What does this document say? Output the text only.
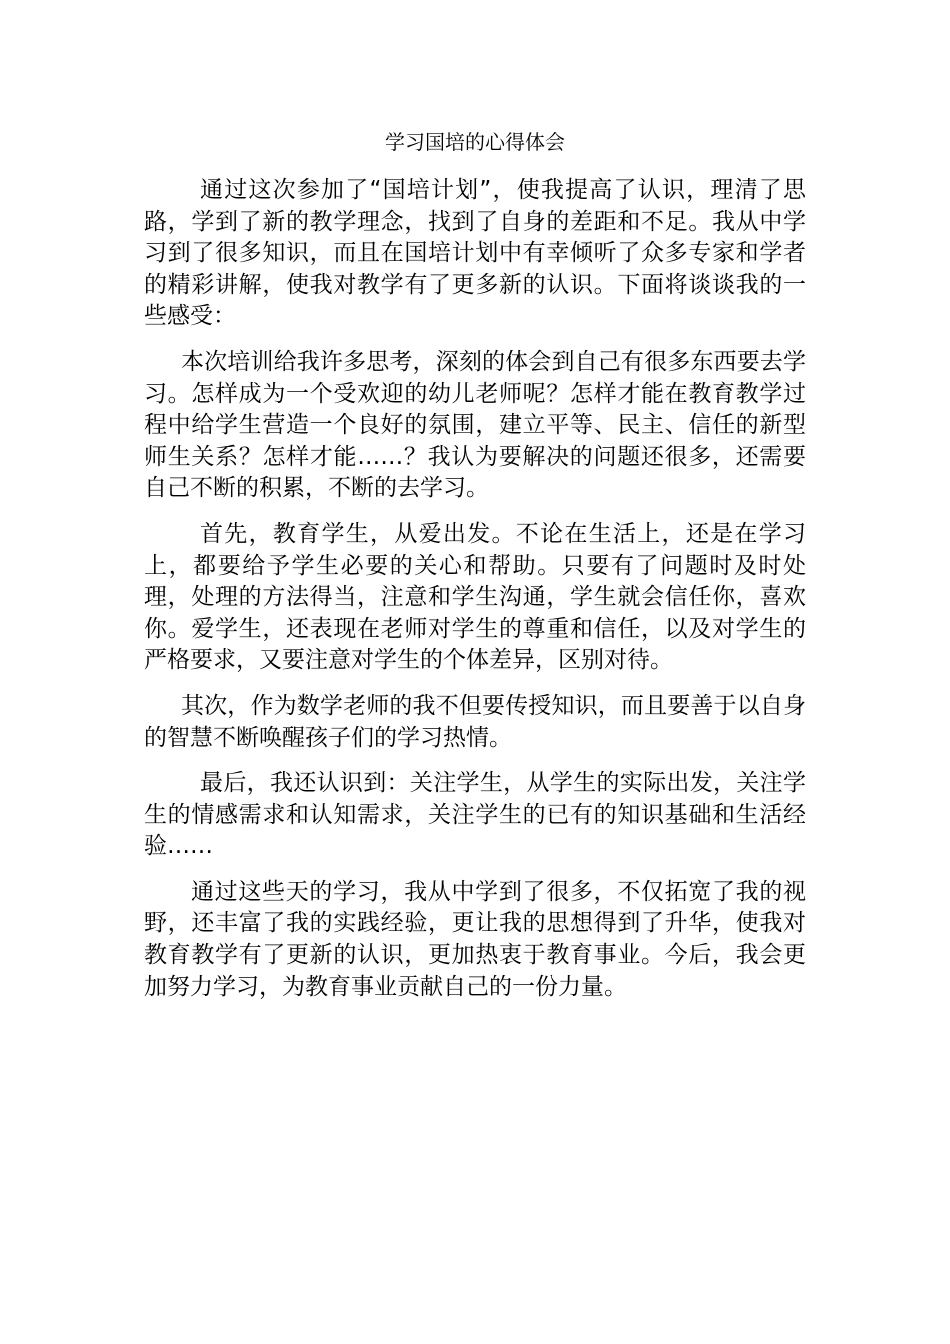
学习国培的心得体会

通过这次参加了“国培计划”，使我提高了认识，理清了思路，学到了新的教学理念，找到了自身的差距和不足。我从中学习到了很多知识，而且在国培计划中有幸倾听了众多专家和学者的精彩讲解，使我对教学有了更多新的认识。下面将谈谈我的一些感受：

本次培训给我许多思考，深刻的体会到自己有很多东西要去学习。怎样成为一个受欢迎的幼儿老师呢？怎样才能在教育教学过程中给学生营造一个良好的氛围，建立平等、民主、信任的新型师生关系？怎样才能……？我认为要解决的问题还很多，还需要自己不断的积累，不断的去学习。

首先，教育学生，从爱出发。不论在生活上，还是在学习上，都要给予学生必要的关心和帮助。只要有了问题时及时处理，处理的方法得当，注意和学生沟通，学生就会信任你，喜欢你。爱学生，还表现在老师对学生的尊重和信任，以及对学生的严格要求，又要注意对学生的个体差异，区别对待。

其次，作为数学老师的我不但要传授知识，而且要善于以自身的智慧不断唤醒孩子们的学习热情。

最后，我还认识到：关注学生，从学生的实际出发，关注学生的情感需求和认知需求，关注学生的已有的知识基础和生活经验……

通过这些天的学习，我从中学到了很多，不仅拓宽了我的视野，还丰富了我的实践经验，更让我的思想得到了升华，使我对教育教学有了更新的认识，更加热衷于教育事业。今后，我会更加努力学习，为教育事业贡献自己的一份力量。
